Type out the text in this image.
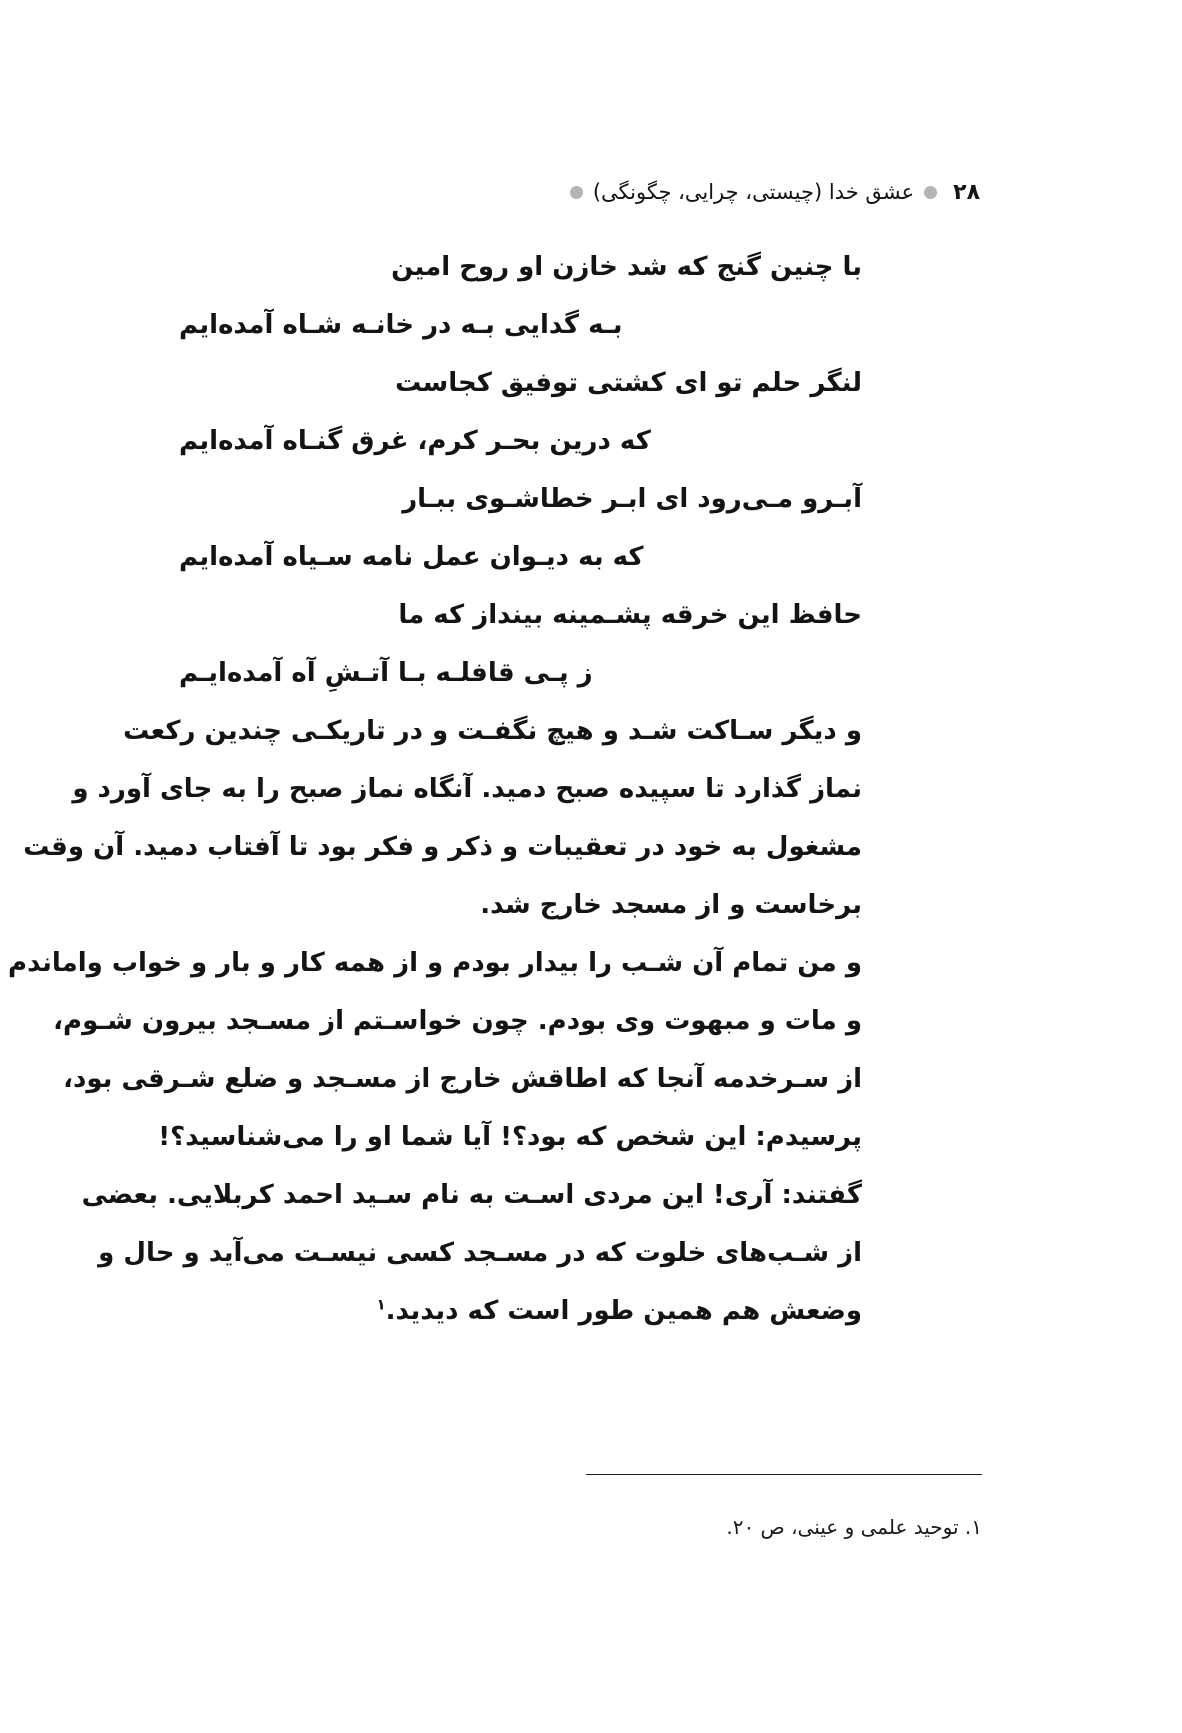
۲۸
عشق خدا (چیستی، چرایی، چگونگی)
با چنین گنج که شد خازن او روح امین
بـه گدایی بـه در خانـه شـاه آمده‌ایم
لنگر حلم تو ای کشتی توفیق کجاست
که درین بحـر کرم، غرق گنـاه آمده‌ایم
آبـرو مـی‌رود ای ابـر خطاشـوی ببـار
که به دیـوان عمل نامه سـیاه آمده‌ایم
حافظ این خرقه پشـمینه بینداز که ما
ز پـی قافلـه بـا آتـشِ آه آمده‌ایـم
و دیگر سـاکت شـد و هیچ نگفـت و در تاریکـی چندین رکعت
نماز گذارد تا سپیده صبح دمید. آنگاه نماز صبح را به جای آورد و
مشغول به خود در تعقیبات و ذکر و فکر بود تا آفتاب دمید. آن وقت
برخاست و از مسجد خارج شد.
و من تمام آن شـب را بیدار بودم و از همه کار و بار و خواب واماندم
و مات و مبهوت وی بودم. چون خواسـتم از مسـجد بیرون شـوم،
از سـرخدمه آنجا که اطاقش خارج از مسـجد و ضلع شـرقی بود،
پرسیدم: این شخص که بود؟! آیا شما او را می‌شناسید؟!
گفتند: آری! این مردی اسـت به نام سـید احمد کربلایی. بعضی
از شـب‌های خلوت که در مسـجد کسی نیسـت می‌آید و حال و
وضعش هم همین طور است که دیدید.$^۱$
۱. توحید علمی و عینی، ص ۲۰.
